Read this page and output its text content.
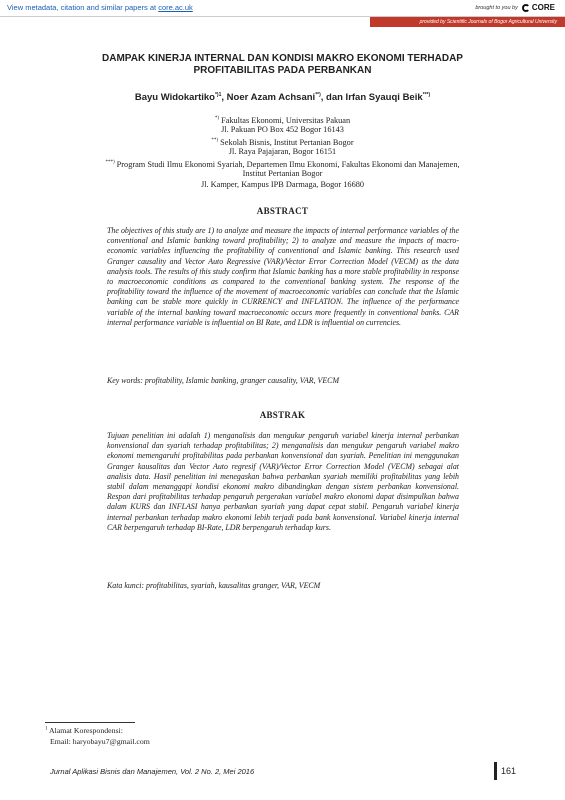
View metadata, citation and similar papers at core.ac.uk	brought to you by CORE
provided by Scientific Journals of Bogor Agricultural University
DAMPAK KINERJA INTERNAL DAN KONDISI MAKRO EKONOMI TERHADAP
PROFITABILITAS PADA PERBANKAN
Bayu Widokartiko$^{*)1}$, Noer Azam Achsani**), dan Irfan Syauqi Beik***)
*) Fakultas Ekonomi, Universitas Pakuan
Jl. Pakuan PO Box 452 Bogor 16143
**) Sekolah Bisnis, Institut Pertanian Bogor
Jl. Raya Pajajaran, Bogor 16151
***) Program Studi Ilmu Ekonomi Syariah, Departemen Ilmu Ekonomi, Fakultas Ekonomi dan Manajemen,
Institut Pertanian Bogor
Jl. Kamper, Kampus IPB Darmaga, Bogor 16680
ABSTRACT
The objectives of this study are 1) to analyze and measure the impacts of internal performance variables of the conventional and Islamic banking toward profitability; 2) to analyze and measure the impacts of macro-economic variables influencing the profitability of conventional and Islamic banking. This research used Granger causality and Vector Auto Regressive (VAR)/Vector Error Correction Model (VECM) as the data analysis tools. The results of this study confirm that Islamic banking has a more stable profitability in response to macroeconomic conditions as compared to the conventional banking system. The response of the profitability toward the influence of the movement of macroeconomic variables can conclude that the Islamic banking can be stable more quickly in CURRENCY and INFLATION. The influence of the performance variable of the internal banking toward macroeconomic occurs more frequently in conventional banks. CAR internal performance variable is influential on BI Rate, and LDR is influential on currencies.
Key words: profitability, Islamic banking, granger causality, VAR, VECM
ABSTRAK
Tujuan penelitian ini adalah 1) menganalisis dan mengukur pengaruh variabel kinerja internal perbankan konvensional dan syariah terhadap profitabilitas; 2) menganalisis dan mengukur pengaruh variabel makro ekonomi memengaruhi profitabilitas pada perbankan konvensional dan syariah. Penelitian ini menggunakan Granger kausalitas dan Vector Auto regresif (VAR)/Vector Error Correction Model (VECM) sebagai alat analisis data. Hasil penelitian ini menegaskan bahwa perbankan syariah memiliki profitabilitas yang lebih stabil dalam menanggapi kondisi ekonomi makro dibandingkan dengan sistem perbankan konvensional. Respon dari profitabilitas terhadap pengaruh pergerakan variabel makro ekonomi dapat disimpulkan bahwa dalam KURS dan INFLASI hanya perbankan syariah yang dapat cepat stabil. Pengaruh variabel kinerja internal perbankan terhadap makro ekonomi lebih terjadi pada bank konvensional. Variabel kinerja internal CAR berpengaruh terhadap BI-Rate, LDR berpengaruh terhadap kurs.
Kata kunci: profitabilitas, syariah, kausalitas granger, VAR, VECM
$^1$ Alamat Korespondensi:
Email: haryobayu7@gmail.com
Jurnal Aplikasi Bisnis dan Manajemen, Vol. 2 No. 2, Mei 2016	161
